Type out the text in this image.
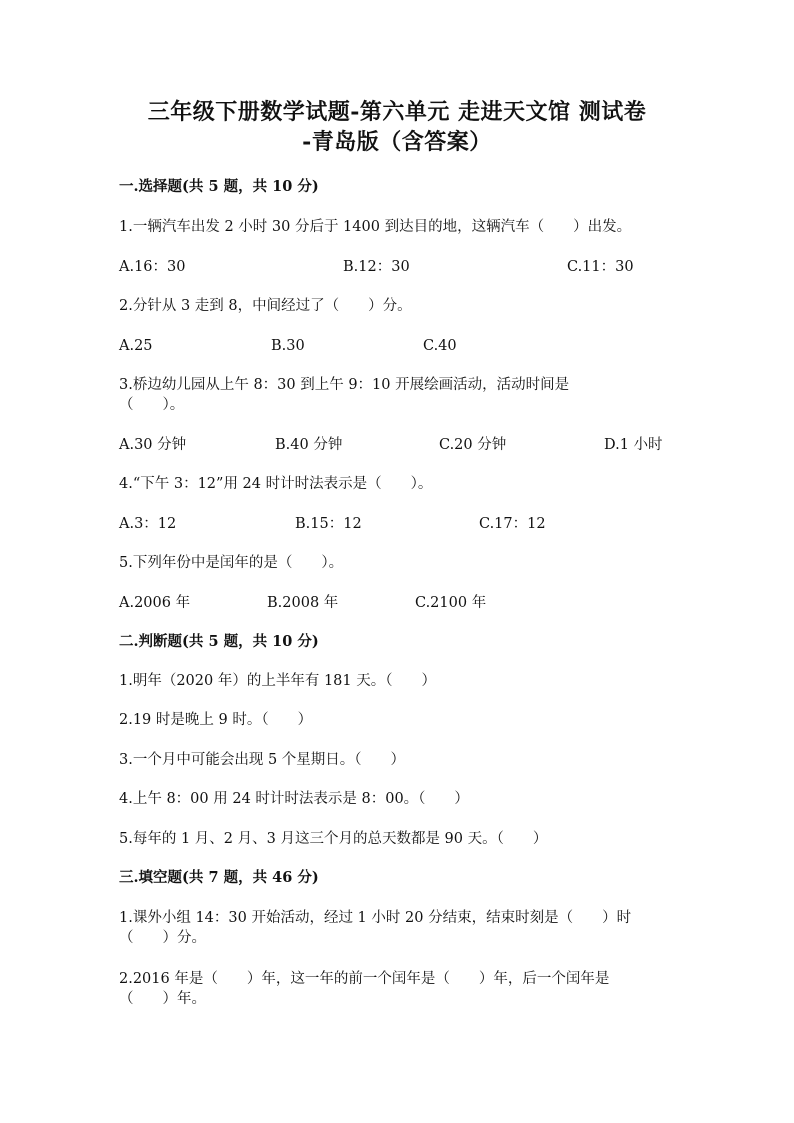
三年级下册数学试题-第六单元 走进天文馆 测试卷
-青岛版（含答案）
一.选择题(共 5 题，共 10 分)
1.一辆汽车出发 2 小时 30 分后于 1400 到达目的地，这辆汽车（　　）出发。
A.16：30	B.12：30	C.11：30
2.分针从 3 走到 8，中间经过了（　　）分。
A.25	B.30	C.40
3.桥边幼儿园从上午 8：30 到上午 9：10 开展绘画活动，活动时间是
（　　）。
A.30 分钟	B.40 分钟	C.20 分钟	D.1 小时
4.“下午 3：12”用 24 时计时法表示是（　　）。
A.3：12	B.15：12	C.17：12
5.下列年份中是闰年的是（　　）。
A.2006 年	B.2008 年	C.2100 年
二.判断题(共 5 题，共 10 分)
1.明年（2020 年）的上半年有 181 天。（　　）
2.19 时是晚上 9 时。（　　）
3.一个月中可能会出现 5 个星期日。（　　）
4.上午 8：00 用 24 时计时法表示是 8：00。（　　）
5.每年的 1 月、2 月、3 月这三个月的总天数都是 90 天。（　　）
三.填空题(共 7 题，共 46 分)
1.课外小组 14：30 开始活动，经过 1 小时 20 分结束，结束时刻是（　　）时
（　　）分。
2.2016 年是（　　）年，这一年的前一个闰年是（　　）年，后一个闰年是
（　　）年。
